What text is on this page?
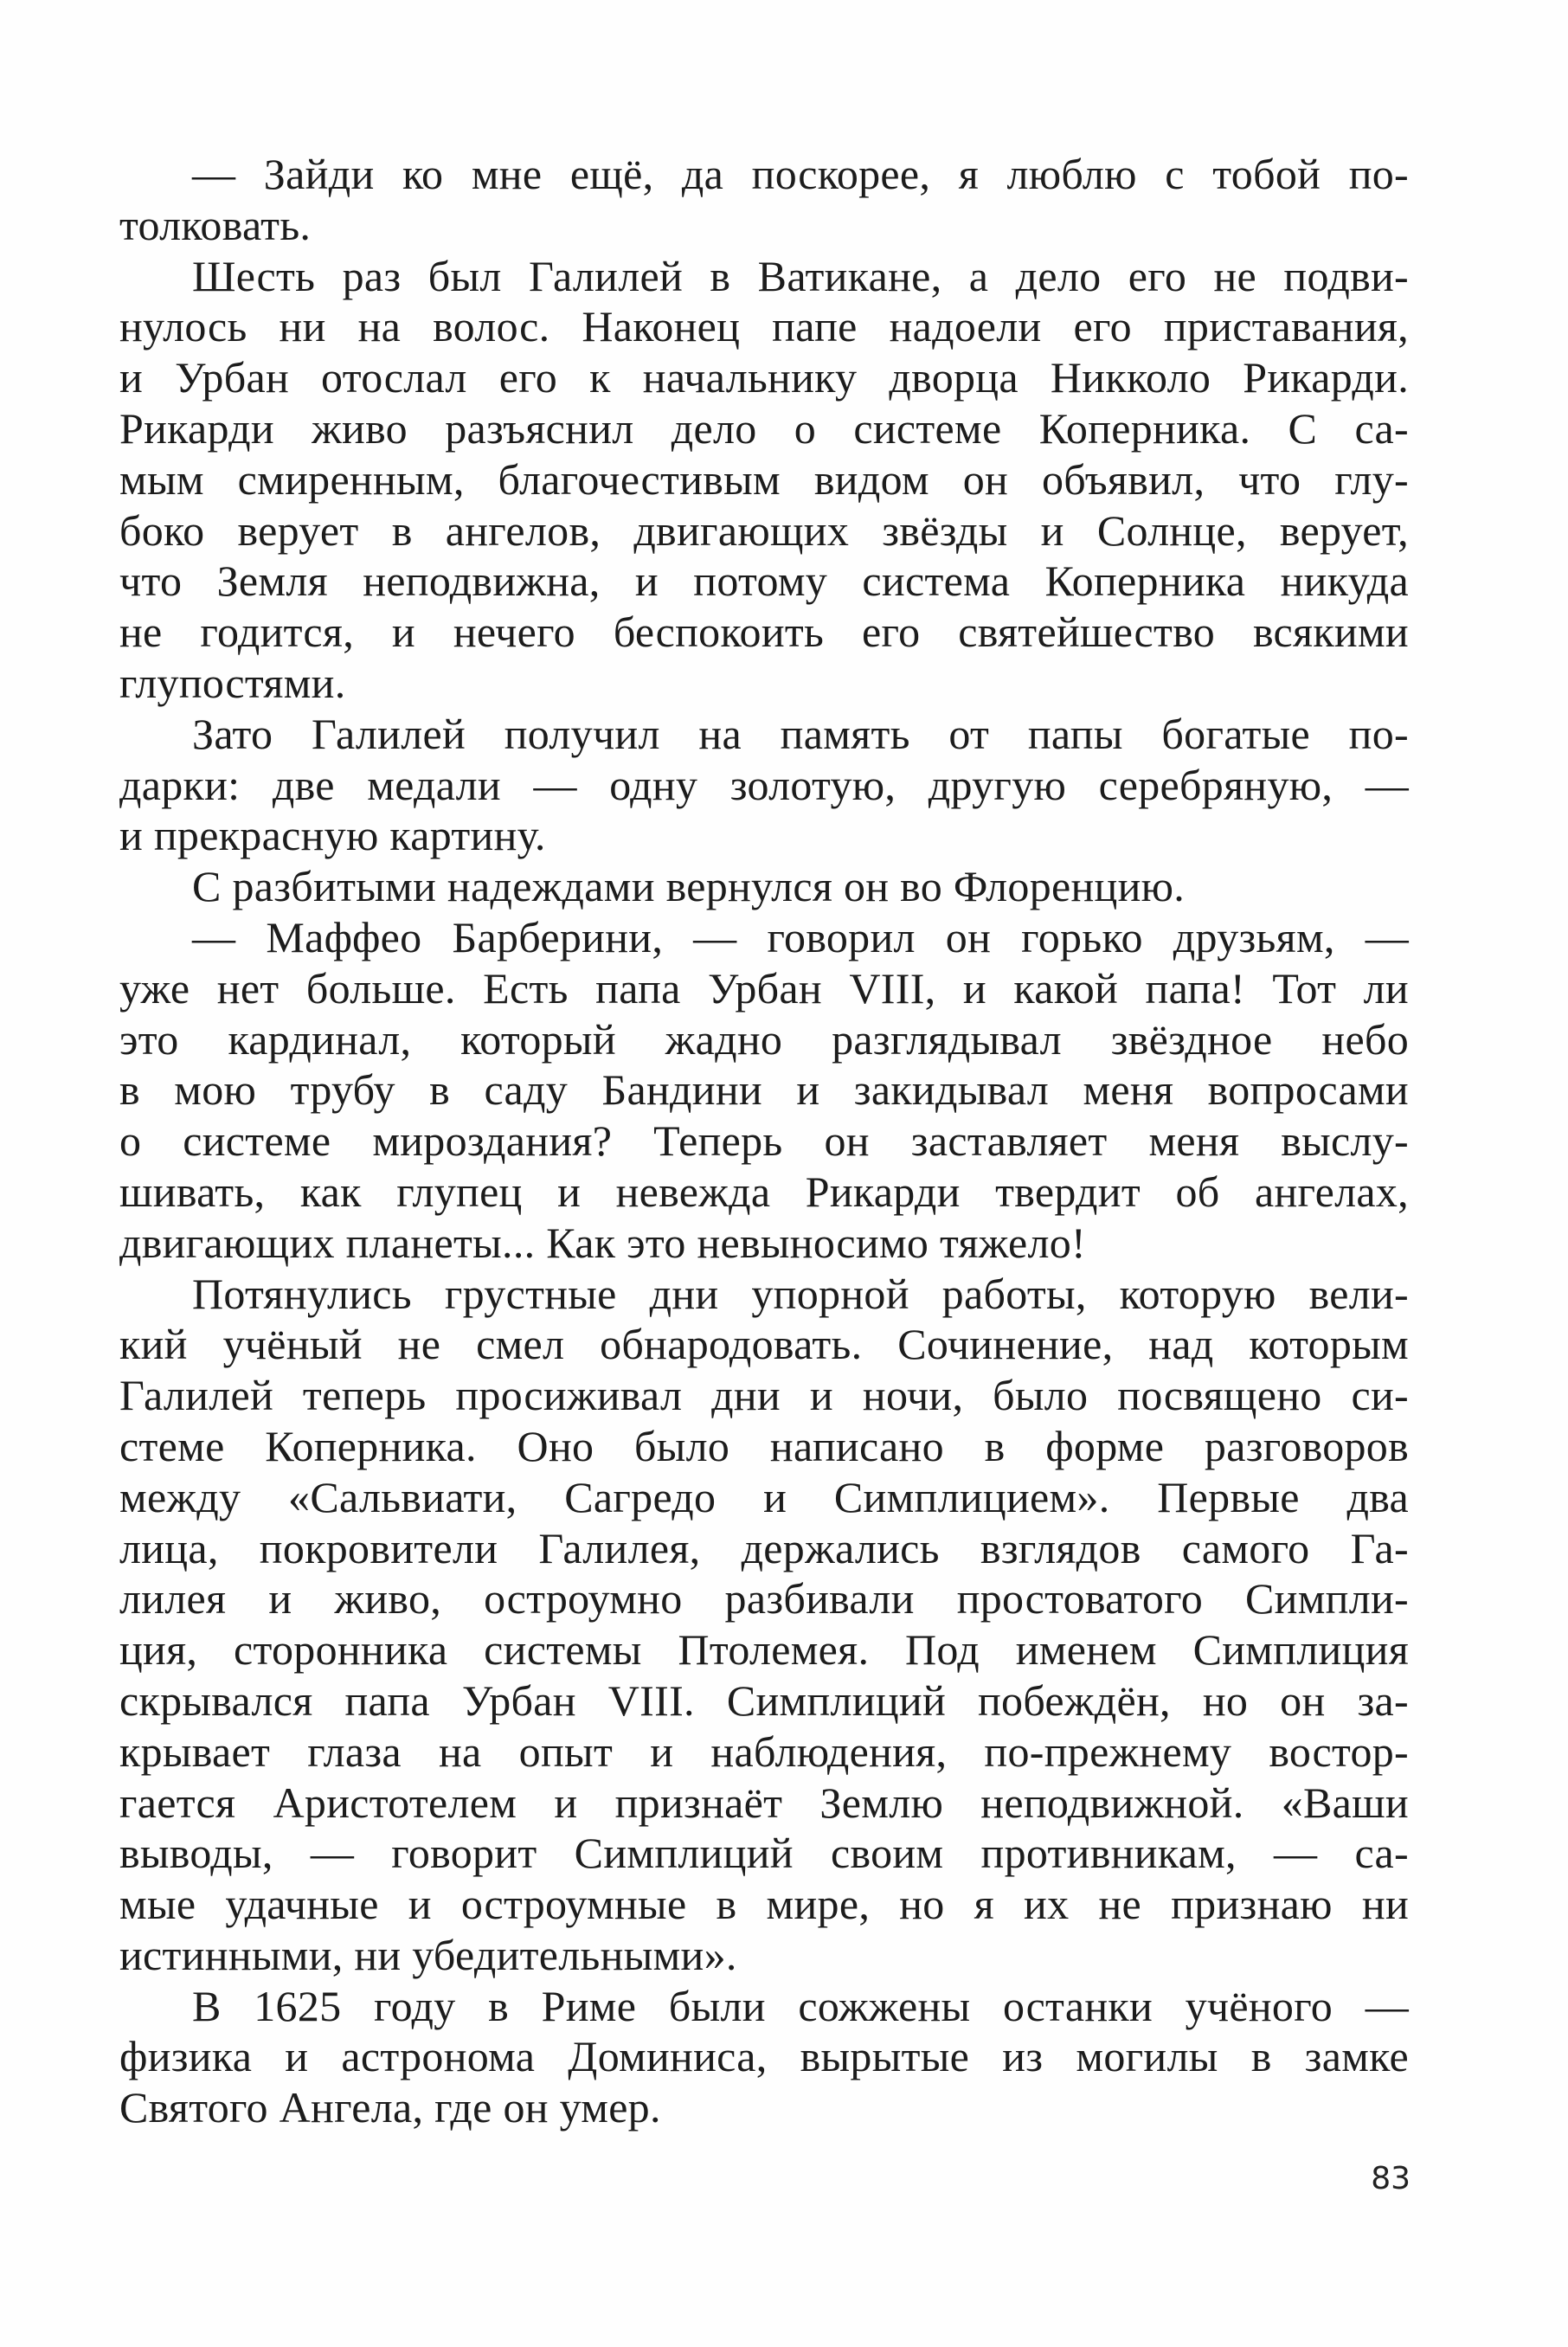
— Зайди ко мне ещё, да поскорее, я люблю с тобой по-
толковать.
Шесть раз был Галилей в Ватикане, а дело его не подви-
нулось ни на волос. Наконец папе надоели его приставания,
и Урбан отослал его к начальнику дворца Никколо Рикарди.
Рикарди живо разъяснил дело о системе Коперника. С са-
мым смиренным, благочестивым видом он объявил, что глу-
боко верует в ангелов, двигающих звёзды и Солнце, верует,
что Земля неподвижна, и потому система Коперника никуда
не годится, и нечего беспокоить его святейшество всякими
глупостями.
Зато Галилей получил на память от папы богатые по-
дарки: две медали — одну золотую, другую серебряную, —
и прекрасную картину.
С разбитыми надеждами вернулся он во Флоренцию.
— Маффео Барберини, — говорил он горько друзьям, —
уже нет больше. Есть папа Урбан VIII, и какой папа! Тот ли
это кардинал, который жадно разглядывал звёздное небо
в мою трубу в саду Бандини и закидывал меня вопросами
о системе мироздания? Теперь он заставляет меня выслу-
шивать, как глупец и невежда Рикарди твердит об ангелах,
двигающих планеты... Как это невыносимо тяжело!
Потянулись грустные дни упорной работы, которую вели-
кий учёный не смел обнародовать. Сочинение, над которым
Галилей теперь просиживал дни и ночи, было посвящено си-
стеме Коперника. Оно было написано в форме разговоров
между «Сальвиати, Сагредо и Симплицием». Первые два
лица, покровители Галилея, держались взглядов самого Га-
лилея и живо, остроумно разбивали простоватого Симпли-
ция, сторонника системы Птолемея. Под именем Симплиция
скрывался папа Урбан VIII. Симплиций побеждён, но он за-
крывает глаза на опыт и наблюдения, по-прежнему востор-
гается Аристотелем и признаёт Землю неподвижной. «Ваши
выводы, — говорит Симплиций своим противникам, — са-
мые удачные и остроумные в мире, но я их не признаю ни
истинными, ни убедительными».
В 1625 году в Риме были сожжены останки учёного —
физика и астронома Доминиса, вырытые из могилы в замке
Святого Ангела, где он умер.
83
